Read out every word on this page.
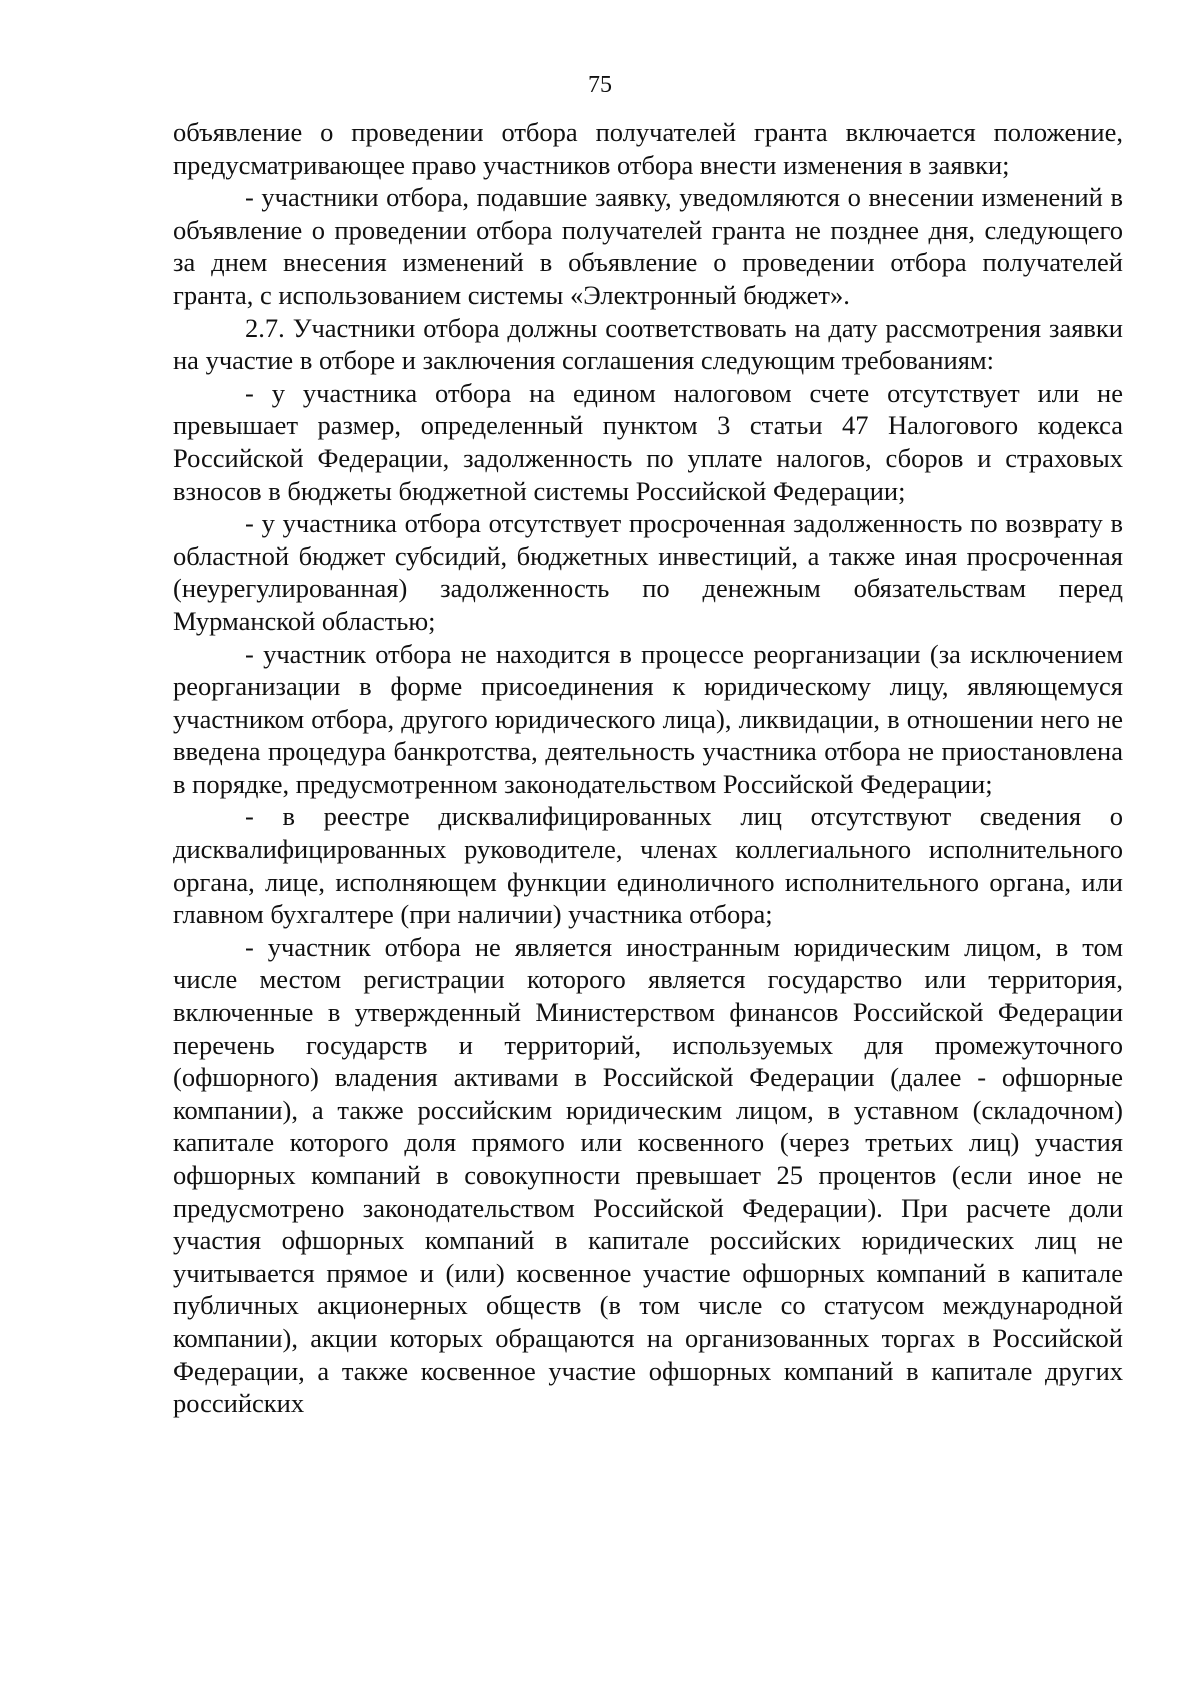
75

объявление о проведении отбора получателей гранта включается положение, предусматривающее право участников отбора внести изменения в заявки;

- участники отбора, подавшие заявку, уведомляются о внесении изменений в объявление о проведении отбора получателей гранта не позднее дня, следующего за днем внесения изменений в объявление о проведении отбора получателей гранта, с использованием системы «Электронный бюджет».

2.7. Участники отбора должны соответствовать на дату рассмотрения заявки на участие в отборе и заключения соглашения следующим требованиям:

- у участника отбора на едином налоговом счете отсутствует или не превышает размер, определенный пунктом 3 статьи 47 Налогового кодекса Российской Федерации, задолженность по уплате налогов, сборов и страховых взносов в бюджеты бюджетной системы Российской Федерации;

- у участника отбора отсутствует просроченная задолженность по возврату в областной бюджет субсидий, бюджетных инвестиций, а также иная просроченная (неурегулированная) задолженность по денежным обязательствам перед Мурманской областью;

- участник отбора не находится в процессе реорганизации (за исключением реорганизации в форме присоединения к юридическому лицу, являющемуся участником отбора, другого юридического лица), ликвидации, в отношении него не введена процедура банкротства, деятельность участника отбора не приостановлена в порядке, предусмотренном законодательством Российской Федерации;

- в реестре дисквалифицированных лиц отсутствуют сведения о дисквалифицированных руководителе, членах коллегиального исполнительного органа, лице, исполняющем функции единоличного исполнительного органа, или главном бухгалтере (при наличии) участника отбора;

- участник отбора не является иностранным юридическим лицом, в том числе местом регистрации которого является государство или территория, включенные в утвержденный Министерством финансов Российской Федерации перечень государств и территорий, используемых для промежуточного (офшорного) владения активами в Российской Федерации (далее - офшорные компании), а также российским юридическим лицом, в уставном (складочном) капитале которого доля прямого или косвенного (через третьих лиц) участия офшорных компаний в совокупности превышает 25 процентов (если иное не предусмотрено законодательством Российской Федерации). При расчете доли участия офшорных компаний в капитале российских юридических лиц не учитывается прямое и (или) косвенное участие офшорных компаний в капитале публичных акционерных обществ (в том числе со статусом международной компании), акции которых обращаются на организованных торгах в Российской Федерации, а также косвенное участие офшорных компаний в капитале других российских
